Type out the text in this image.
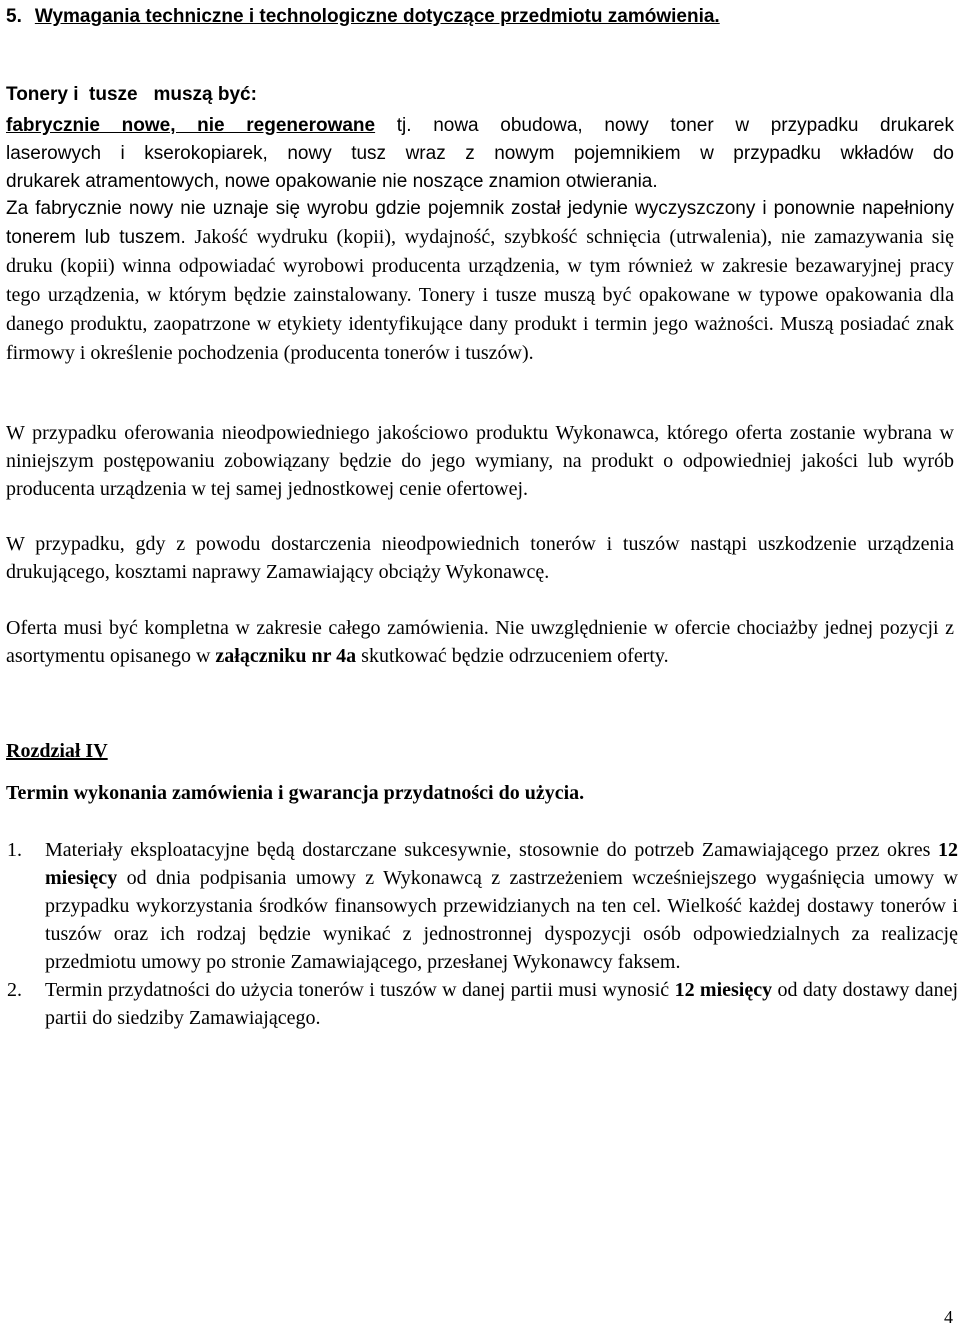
5. Wymagania techniczne i technologiczne dotyczące przedmiotu zamówienia.
Tonery i  tusze   muszą być:
fabrycznie nowe, nie regenerowane tj. nowa obudowa, nowy toner w przypadku drukarek
laserowych i kserokopiarek, nowy tusz wraz z nowym pojemnikiem w przypadku wkładów do
drukarek atramentowych, nowe opakowanie nie noszące znamion otwierania.
Za fabrycznie nowy nie uznaje się wyrobu gdzie pojemnik został jedynie wyczyszczony i ponownie napełniony tonerem lub tuszem. Jakość wydruku (kopii), wydajność, szybkość schnięcia (utrwalenia), nie zamazywania się druku (kopii) winna odpowiadać wyrobowi producenta urządzenia, w tym również w zakresie bezawaryjnej pracy tego urządzenia, w którym będzie zainstalowany. Tonery i tusze muszą być opakowane w typowe opakowania dla danego produktu, zaopatrzone w etykiety identyfikujące dany produkt i termin jego ważności. Muszą posiadać znak firmowy i określenie pochodzenia (producenta tonerów i tuszów).
W przypadku oferowania nieodpowiedniego jakościowo produktu Wykonawca, którego oferta zostanie wybrana w niniejszym postępowaniu zobowiązany będzie do jego wymiany, na produkt o odpowiedniej jakości lub wyrób producenta urządzenia w tej samej jednostkowej cenie ofertowej.
W przypadku, gdy z powodu dostarczenia nieodpowiednich tonerów i tuszów nastąpi uszkodzenie urządzenia drukującego, kosztami naprawy Zamawiający obciąży Wykonawcę.
Oferta musi być kompletna w zakresie całego zamówienia. Nie uwzględnienie w ofercie chociażby jednej pozycji z asortymentu opisanego w załączniku nr 4a skutkować będzie odrzuceniem oferty.
Rozdział IV
Termin wykonania zamówienia i gwarancja przydatności do użycia.
1. Materiały eksploatacyjne będą dostarczane sukcesywnie, stosownie do potrzeb Zamawiającego przez okres 12 miesięcy od dnia podpisania umowy z Wykonawcą z zastrzeżeniem wcześniejszego wygaśnięcia umowy w przypadku wykorzystania środków finansowych przewidzianych na ten cel. Wielkość każdej dostawy tonerów i tuszów oraz ich rodzaj będzie wynikać z jednostronnej dyspozycji osób odpowiedzialnych za realizację przedmiotu umowy po stronie Zamawiającego, przesłanej Wykonawcy faksem.
2. Termin przydatności do użycia tonerów i tuszów w danej partii musi wynosić 12 miesięcy od daty dostawy danej partii do siedziby Zamawiającego.
4
